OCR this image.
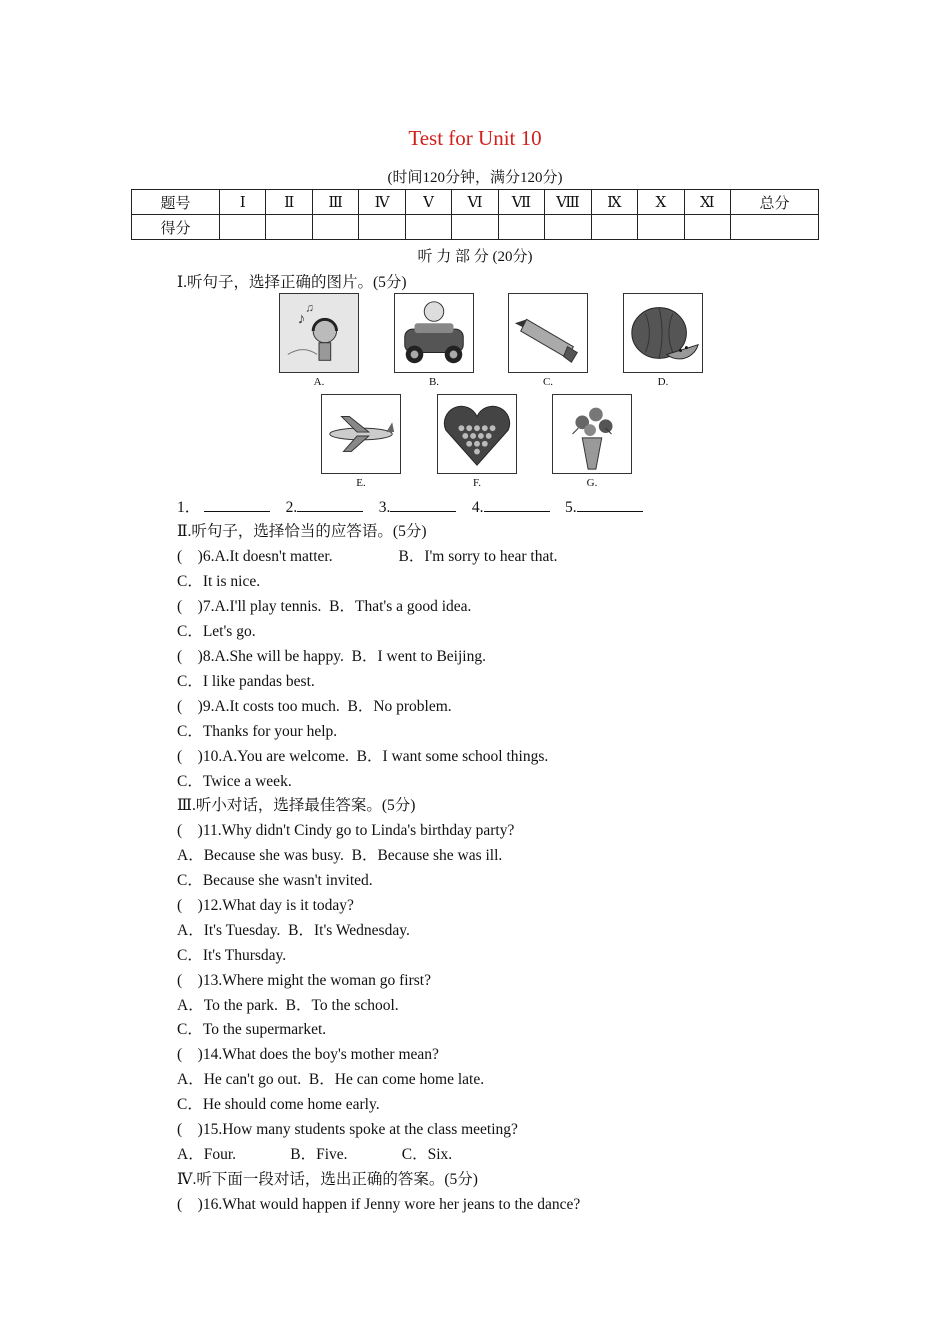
Test for Unit 10
(时间120分钟，满分120分)
题号	Ⅰ	Ⅱ	Ⅲ	Ⅳ	Ⅴ	Ⅵ	Ⅶ	Ⅷ	Ⅸ	Ⅹ	Ⅺ	总分
得分												
听 力 部 分 (20分)
Ⅰ.听句子，选择正确的图片。(5分)
♪
♫
A.	B.	C.	D.
E.	F.	G.
1．	2.	3.	4.	5.
Ⅱ.听句子，选择恰当的应答语。(5分)
(　)6.A.It doesn't matter.                 B．I'm sorry to hear that.
C．It is nice.
(　)7.A.I'll play tennis.  B．That's a good idea.
C．Let's go.
(　)8.A.She will be happy.  B．I went to Beijing.
C．I like pandas best.
(　)9.A.It costs too much.  B．No problem.
C．Thanks for your help.
(　)10.A.You are welcome.  B．I want some school things.
C．Twice a week.
Ⅲ.听小对话，选择最佳答案。(5分)
(　)11.Why didn't Cindy go to Linda's birthday party?
A．Because she was busy.  B．Because she was ill.
C．Because she wasn't invited.
(　)12.What day is it today?
A．It's Tuesday.  B．It's Wednesday.
C．It's Thursday.
(　)13.Where might the woman go first?
A．To the park.  B．To the school.
C．To the supermarket.
(　)14.What does the boy's mother mean?
A．He can't go out.  B．He can come home late.
C．He should come home early.
(　)15.How many students spoke at the class meeting?
A．Four.              B．Five.              C．Six.
Ⅳ.听下面一段对话，选出正确的答案。(5分)
(　)16.What would happen if Jenny wore her jeans to the dance?
